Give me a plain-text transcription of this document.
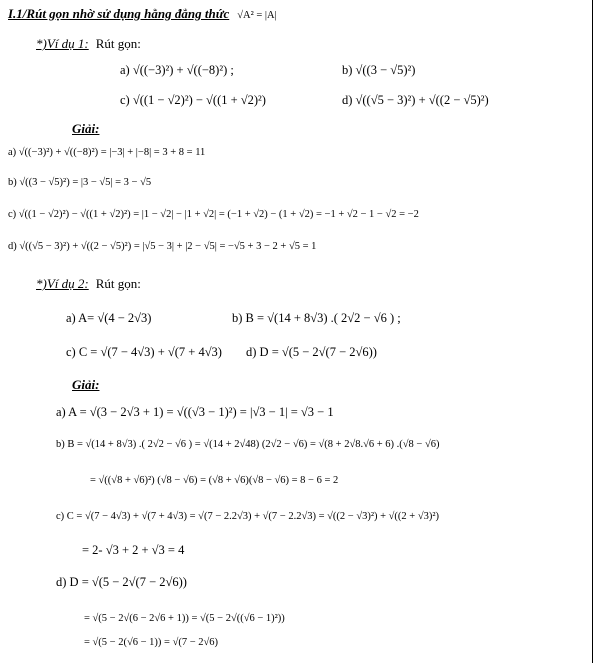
I.1/Rút gọn nhờ sử dụng hằng đẳng thức √A² = |A|
*)Ví dụ 1: Rút gọn:
a) √((−3)²) + √((−8)²) ;	b) √((3 − √5)²)
c) √((1 − √2)²) − √((1 + √2)²)	d) √((√5 − 3)²) + √((2 − √5)²)
Giải:
a) √((−3)²) + √((−8)²) = |−3| + |−8| = 3 + 8 = 11
b) √((3 − √5)²) = |3 − √5| = 3 − √5
c) √((1 − √2)²) − √((1 + √2)²) = |1 − √2| − |1 + √2| = (−1 + √2) − (1 + √2) = −1 + √2 − 1 − √2 = −2
d) √((√5 − 3)²) + √((2 − √5)²) = |√5 − 3| + |2 − √5| = −√5 + 3 − 2 + √5 = 1
*)Ví dụ 2: Rút gọn:
a) A= √(4 − 2√3)	b) B = √(14 + 8√3) .( 2√2 − √6 ) ;
c) C = √(7 − 4√3) + √(7 + 4√3) d) D = √(5 − 2√(7 − 2√6))
Giải:
a) A = √(3 − 2√3 + 1) = √((√3 − 1)²) = |√3 − 1| = √3 − 1
b) B = √(14 + 8√3) .( 2√2 − √6 ) = √(14 + 2√48) (2√2 − √6) = √(8 + 2√8.√6 + 6) .(√8 − √6)
= √((√8 + √6)²) (√8 − √6) = (√8 + √6)(√8 − √6) = 8 − 6 = 2
c) C = √(7 − 4√3) + √(7 + 4√3) = √(7 − 2.2√3) + √(7 − 2.2√3) = √((2 − √3)²) + √((2 + √3)²)
= 2- √3 + 2 + √3 = 4
d) D = √(5 − 2√(7 − 2√6))
= √(5 − 2√(6 − 2√6 + 1)) = √(5 − 2√((√6 − 1)²))
= √(5 − 2(√6 − 1)) = √(7 − 2√6)
